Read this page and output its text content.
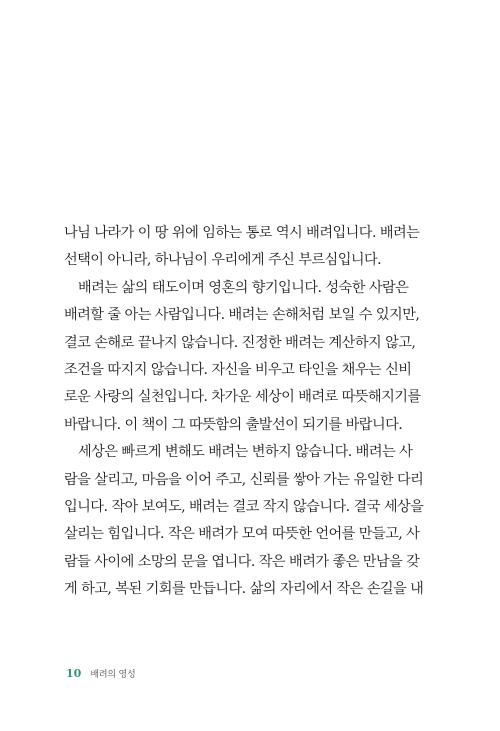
나님 나라가 이 땅 위에 임하는 통로 역시 배려입니다. 배려는
선택이 아니라, 하나님이 우리에게 주신 부르심입니다.
배려는 삶의 태도이며 영혼의 향기입니다. 성숙한 사람은
배려할 줄 아는 사람입니다. 배려는 손해처럼 보일 수 있지만,
결코 손해로 끝나지 않습니다. 진정한 배려는 계산하지 않고,
조건을 따지지 않습니다. 자신을 비우고 타인을 채우는 신비
로운 사랑의 실천입니다. 차가운 세상이 배려로 따뜻해지기를
바랍니다. 이 책이 그 따뜻함의 출발선이 되기를 바랍니다.
세상은 빠르게 변해도 배려는 변하지 않습니다. 배려는 사
람을 살리고, 마음을 이어 주고, 신뢰를 쌓아 가는 유일한 다리
입니다. 작아 보여도, 배려는 결코 작지 않습니다. 결국 세상을
살리는 힘입니다. 작은 배려가 모여 따뜻한 언어를 만들고, 사
람들 사이에 소망의 문을 엽니다. 작은 배려가 좋은 만남을 갖
게 하고, 복된 기회를 만듭니다. 삶의 자리에서 작은 손길을 내
10 배려의 영성
